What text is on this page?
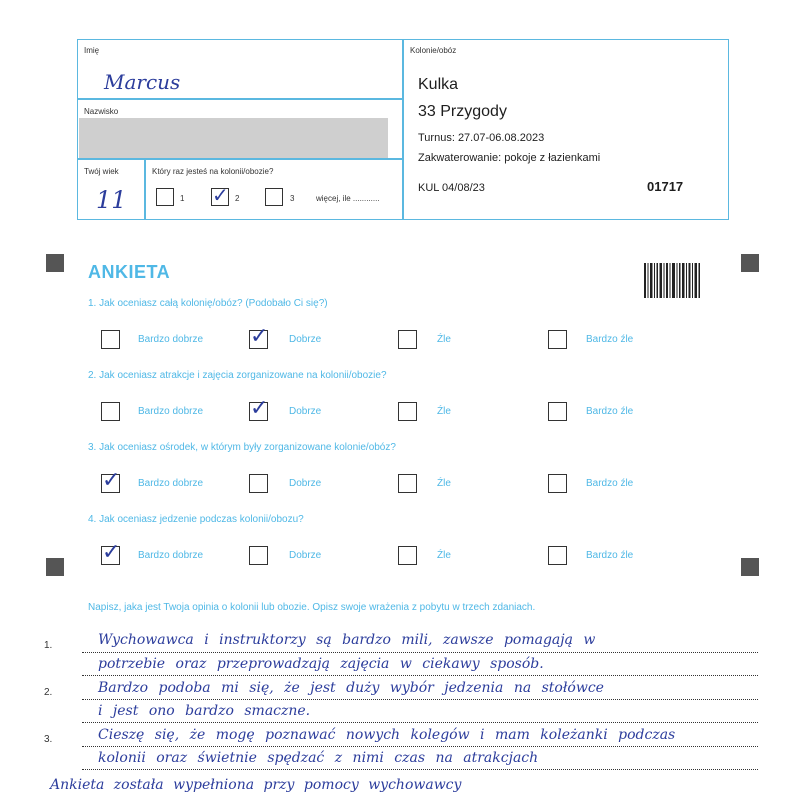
Imię
Marcus
Nazwisko
Twój wiek
11
Który raz jesteś na kolonii/obozie?
1 ✓ 2	3	więcej, ile ............
Kolonie/obóz
Kulka
33 Przygody
Turnus: 27.07-06.08.2023
Zakwaterowanie: pokoje z łazienkami
KUL 04/08/23	01717
ANKIETA
1. Jak oceniasz całą kolonię/obóz? (Podobało Ci się?)
Bardzo dobrze ✓ Dobrze	Źle	Bardzo źle
2. Jak oceniasz atrakcje i zajęcia zorganizowane na kolonii/obozie?
Bardzo dobrze ✓ Dobrze	Źle	Bardzo źle
3. Jak oceniasz ośrodek, w którym były zorganizowane kolonie/obóz?
✓ Bardzo dobrze	Dobrze	Źle	Bardzo źle
4. Jak oceniasz jedzenie podczas kolonii/obozu?
✓ Bardzo dobrze	Dobrze	Źle	Bardzo źle
Napisz, jaka jest Twoja opinia o kolonii lub obozie. Opisz swoje wrażenia z pobytu w trzech zdaniach.
1.	Wychowawca i instruktorzy są bardzo mili, zawsze pomagają w
potrzebie oraz przeprowadzają zajęcia w ciekawy sposób.
2.	Bardzo podoba mi się, że jest duży wybór jedzenia na stołówce
i jest ono bardzo smaczne.
3.	Cieszę się, że mogę poznawać nowych kolegów i mam koleżanki podczas
kolonii oraz świetnie spędzać z nimi czas na atrakcjach
Ankieta została wypełniona przy pomocy wychowawcy
